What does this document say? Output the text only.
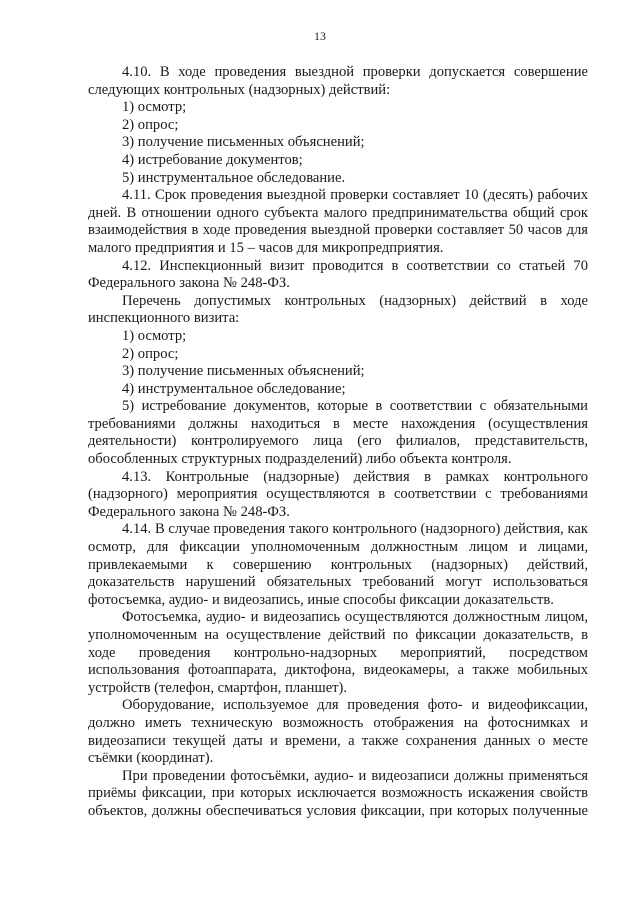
13
4.10. В ходе проведения выездной проверки допускается совершение следующих контрольных (надзорных) действий:
1) осмотр;
2) опрос;
3) получение письменных объяснений;
4) истребование документов;
5) инструментальное обследование.
4.11. Срок проведения выездной проверки составляет 10 (десять) рабочих дней. В отношении одного субъекта малого предпринимательства общий срок взаимодействия в ходе проведения выездной проверки составляет 50 часов для малого предприятия и 15 – часов для микропредприятия.
4.12. Инспекционный визит проводится в соответствии со статьей 70 Федерального закона № 248-ФЗ.
Перечень допустимых контрольных (надзорных) действий в ходе инспекционного визита:
1) осмотр;
2) опрос;
3) получение письменных объяснений;
4) инструментальное обследование;
5) истребование документов, которые в соответствии с обязательными требованиями должны находиться в месте нахождения (осуществления деятельности) контролируемого лица (его филиалов, представительств, обособленных структурных подразделений) либо объекта контроля.
4.13. Контрольные (надзорные) действия в рамках контрольного (надзорного) мероприятия осуществляются в соответствии с требованиями Федерального закона № 248-ФЗ.
4.14. В случае проведения такого контрольного (надзорного) действия, как осмотр, для фиксации уполномоченным должностным лицом и лицами, привлекаемыми к совершению контрольных (надзорных) действий, доказательств нарушений обязательных требований могут использоваться фотосъемка, аудио- и видеозапись, иные способы фиксации доказательств.
Фотосъемка, аудио- и видеозапись осуществляются должностным лицом, уполномоченным на осуществление действий по фиксации доказательств, в ходе проведения контрольно-надзорных мероприятий, посредством использования фотоаппарата, диктофона, видеокамеры, а также мобильных устройств (телефон, смартфон, планшет).
Оборудование, используемое для проведения фото- и видеофиксации, должно иметь техническую возможность отображения на фотоснимках и видеозаписи текущей даты и времени, а также сохранения данных о месте съёмки (координат).
При проведении фотосъёмки, аудио- и видеозаписи должны применяться приёмы фиксации, при которых исключается возможность искажения свойств объектов, должны обеспечиваться условия фиксации, при которых полученные
